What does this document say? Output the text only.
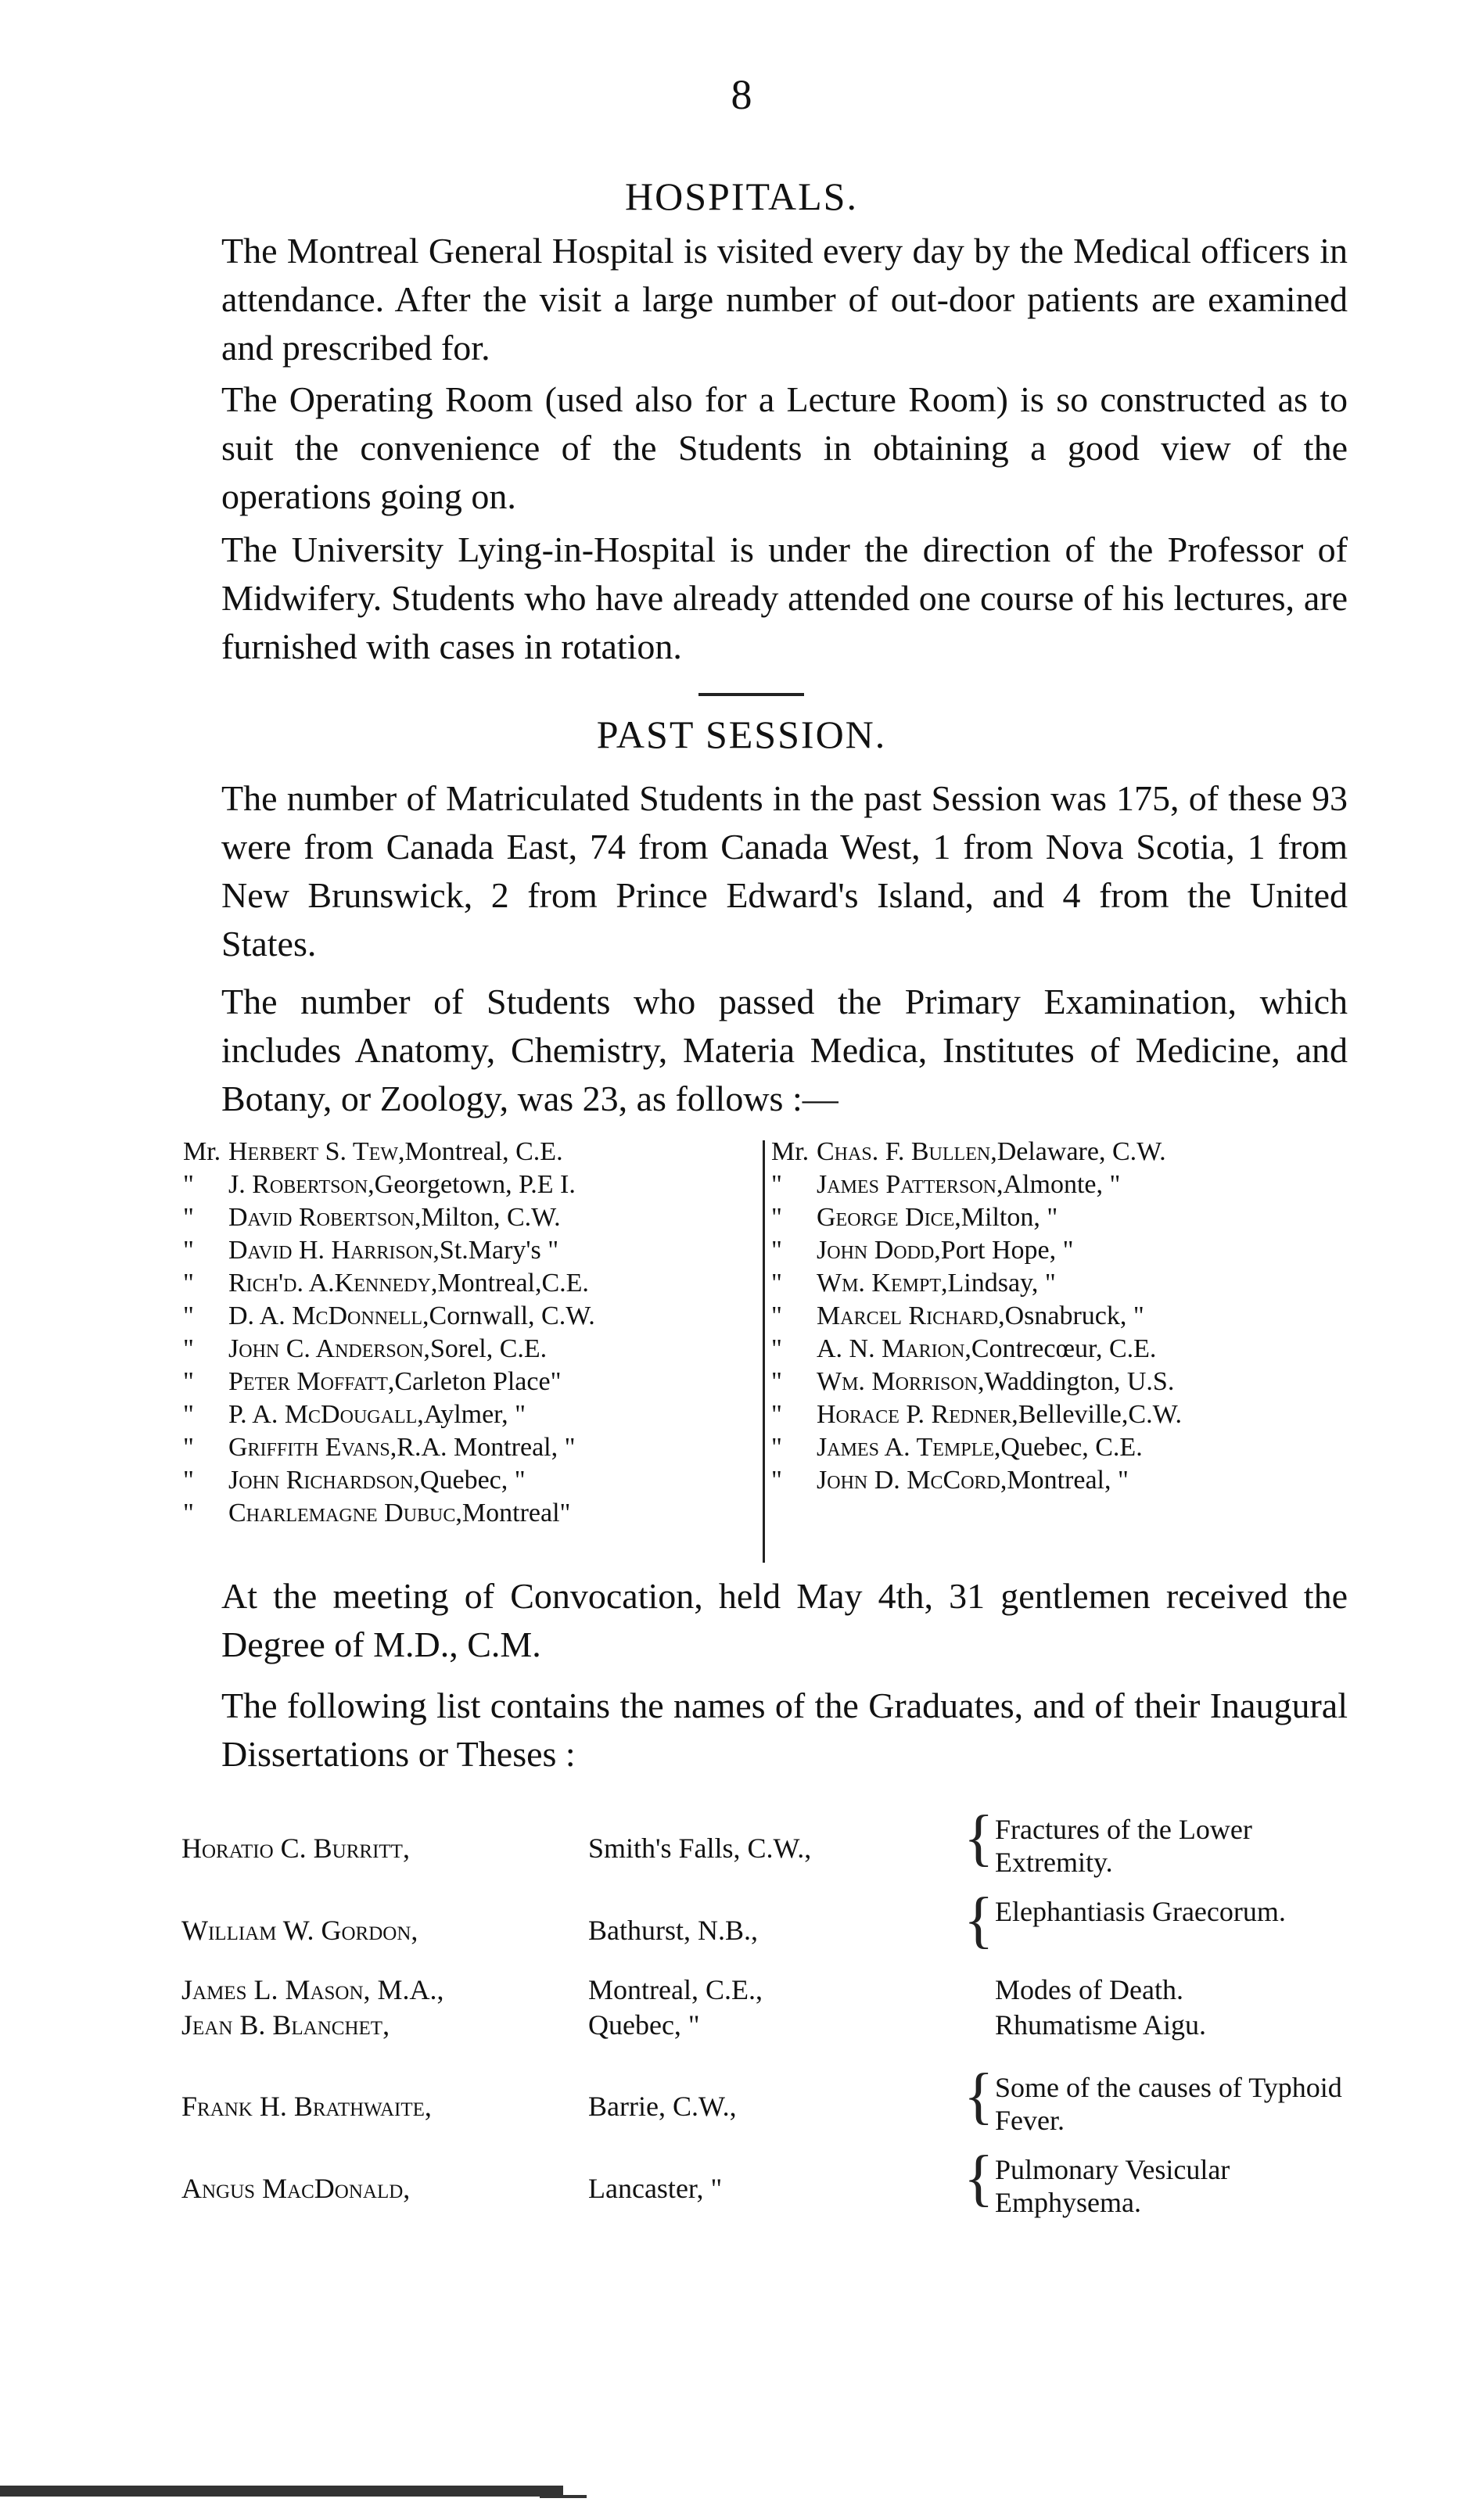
8
HOSPITALS.

The Montreal General Hospital is visited every day by the Medical officers in attendance. After the visit a large number of out-door patients are examined and prescribed for.

The Operating Room (used also for a Lecture Room) is so constructed as to suit the convenience of the Students in obtaining a good view of the operations going on.

The University Lying-in-Hospital is under the direction of the Professor of Midwifery. Students who have already attended one course of his lectures, are furnished with cases in rotation.

PAST SESSION.

The number of Matriculated Students in the past Session was 175, of these 93 were from Canada East, 74 from Canada West, 1 from Nova Scotia, 1 from New Brunswick, 2 from Prince Edward's Island, and 4 from the United States.

The number of Students who passed the Primary Examination, which includes Anatomy, Chemistry, Materia Medica, Institutes of Medicine, and Botany, or Zoology, was 23, as follows :—

Mr. Herbert S. Tew, Montreal, C.E.
"	J. Robertson, Georgetown, P.E I.
"	David Robertson, Milton, C.W.
"	David H. Harrison, St.Mary's "
"	Rich'd. A.Kennedy, Montreal,C.E.
"	D. A. McDonnell, Cornwall, C.W.
"	John C. Anderson, Sorel, C.E.
"	Peter Moffatt, Carleton Place"
"	P. A. McDougall, Aylmer, "
"	Griffith Evans, R.A. Montreal, "
"	John Richardson, Quebec, "
"	Charlemagne Dubuc, Montreal"
Mr. Chas. F. Bullen, Delaware, C.W.
"	James Patterson, Almonte, "
"	George Dice, Milton, "
"	John Dodd, Port Hope, "
"	Wm. Kempt, Lindsay, "
"	Marcel Richard, Osnabruck, "
"	A. N. Marion, Contrecœur, C.E.
"	Wm. Morrison, Waddington, U.S.
"	Horace P. Redner, Belleville,C.W.
"	James A. Temple, Quebec, C.E.
"	John D. McCord, Montreal, "

At the meeting of Convocation, held May 4th, 31 gentlemen received the Degree of M.D., C.M.

The following list contains the names of the Graduates, and of their Inaugural Dissertations or Theses :

Horatio C. Burritt,	Smith's Falls, C.W., { Fractures of the Lower Extremity.
William W. Gordon,	Bathurst, N.B.,	{ Elephantiasis Graecorum.
James L. Mason, M.A.,	Montreal, C.E.,	Modes of Death.
Jean B. Blanchet,	Quebec, "	Rhumatisme Aigu.
Frank H. Brathwaite,	Barrie, C.W.,	{ Some of the causes of Typhoid Fever.
Angus MacDonald,	Lancaster, "	{ Pulmonary Vesicular Emphysema.
